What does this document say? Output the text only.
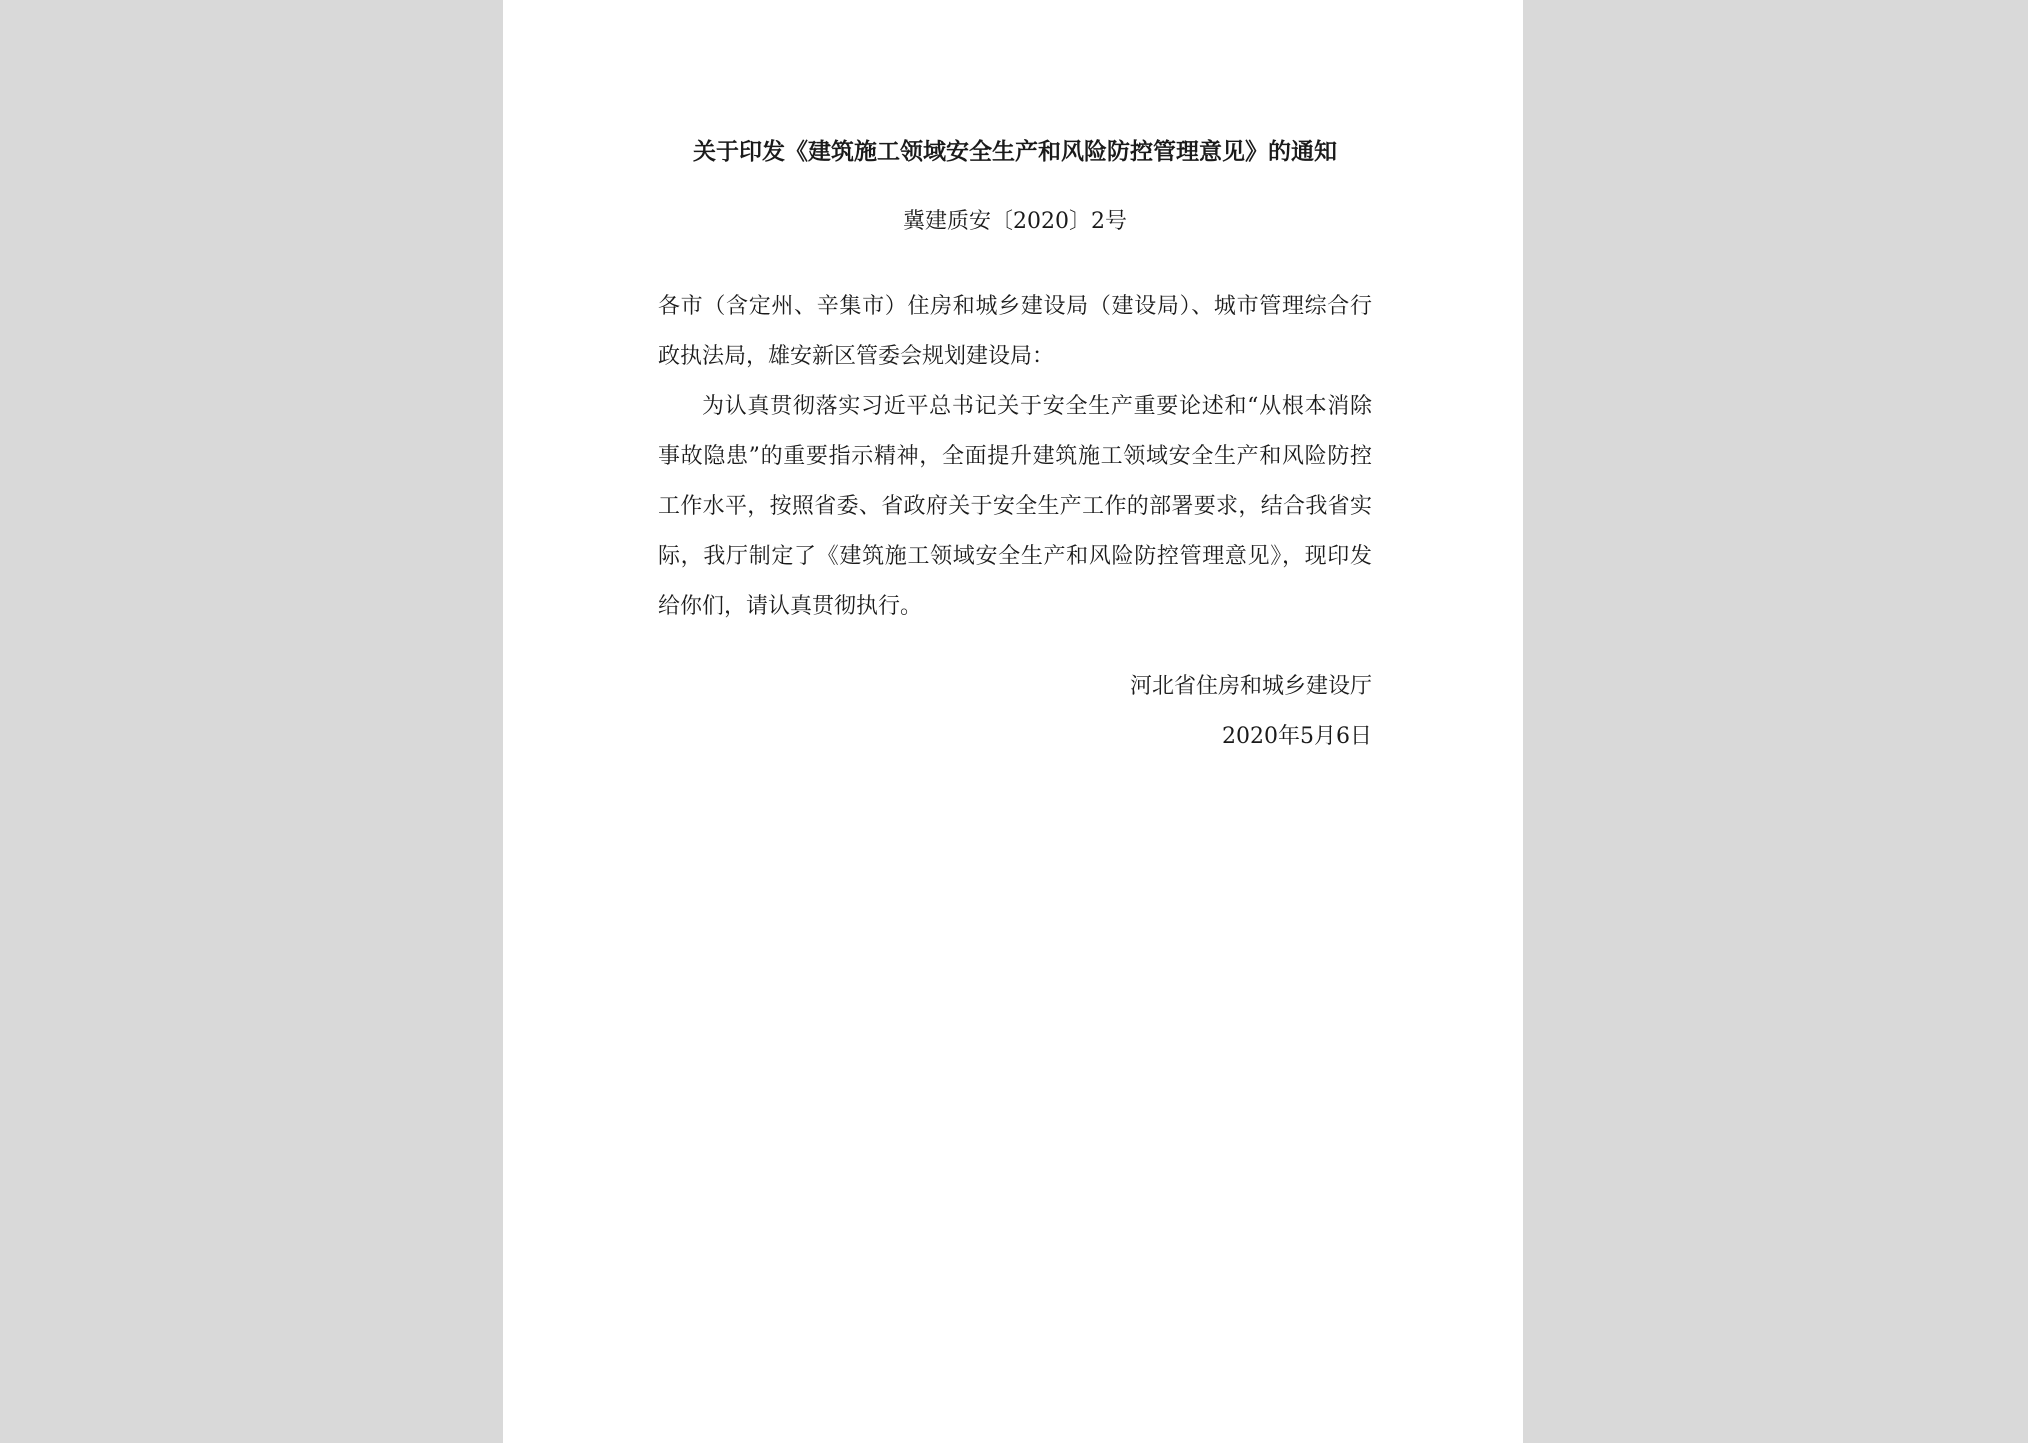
关于印发《建筑施工领域安全生产和风险防控管理意见》的通知

冀建质安〔2020〕2号

各市（含定州、辛集市）住房和城乡建设局（建设局）、城市管理综合行政执法局，雄安新区管委会规划建设局：

为认真贯彻落实习近平总书记关于安全生产重要论述和“从根本消除事故隐患”的重要指示精神，全面提升建筑施工领域安全生产和风险防控工作水平，按照省委、省政府关于安全生产工作的部署要求，结合我省实际，我厅制定了《建筑施工领域安全生产和风险防控管理意见》，现印发给你们，请认真贯彻执行。

河北省住房和城乡建设厅

2020年5月6日
